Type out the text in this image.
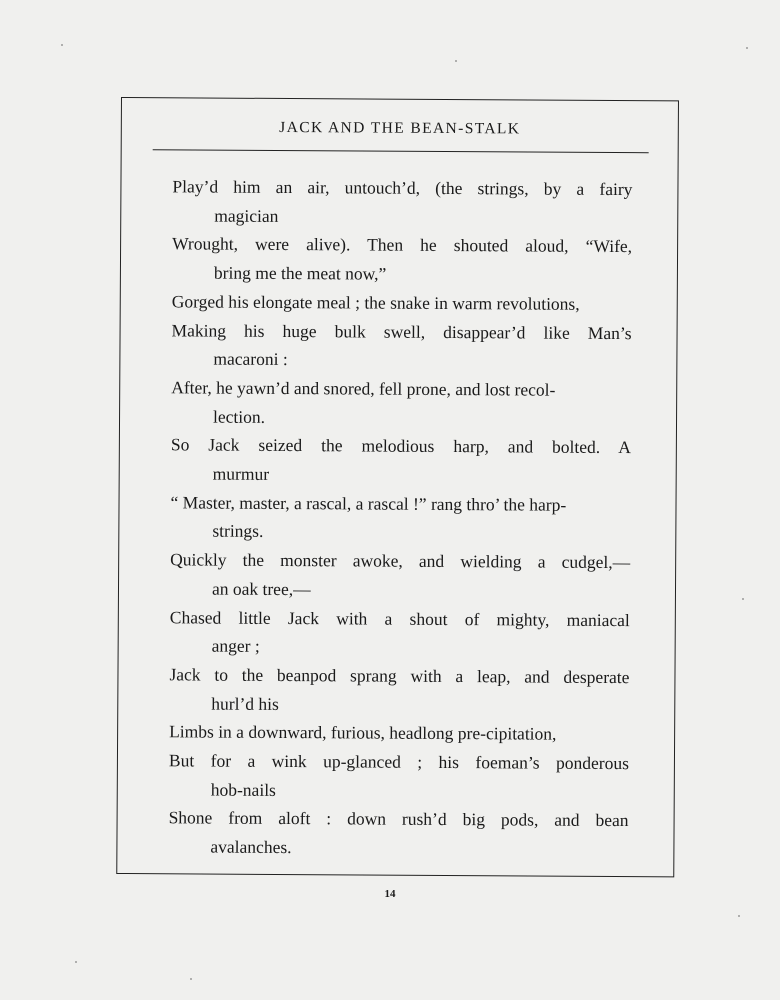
JACK AND THE BEAN-STALK
Play’d him an air, untouch’d, (the strings, by a fairy
magician
Wrought, were alive). Then he shouted aloud, “Wife,
bring me the meat now,”
Gorged his elongate meal ; the snake in warm revolutions,
Making his huge bulk swell, disappear’d like Man’s
macaroni :
After, he yawn’d and snored, fell prone, and lost recol-
lection.
So Jack seized the melodious harp, and bolted. A
murmur
“ Master, master, a rascal, a rascal !” rang thro’ the harp-
strings.
Quickly the monster awoke, and wielding a cudgel,—
an oak tree,—
Chased little Jack with a shout of mighty, maniacal
anger ;
Jack to the beanpod sprang with a leap, and desperate
hurl’d his
Limbs in a downward, furious, headlong pre-cipitation,
But for a wink up-glanced ; his foeman’s ponderous
hob-nails
Shone from aloft : down rush’d big pods, and bean
avalanches.
14
